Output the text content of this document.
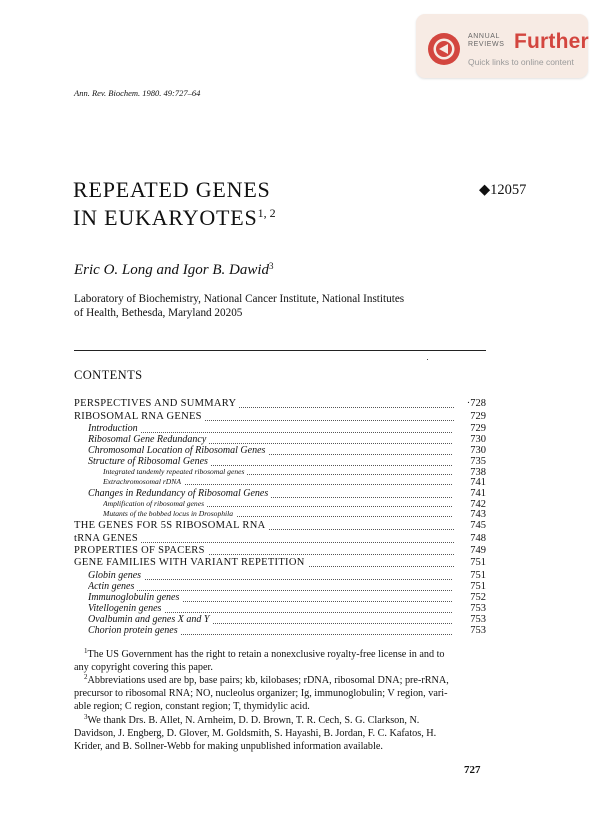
ANNUAL
REVIEWS Further
Quick links to online content
Ann. Rev. Biochem. 1980. 49:727–64
REPEATED GENES
IN EUKARYOTES$^{1, 2}$
◆12057
Eric O. Long and Igor B. Dawid$^3$
Laboratory of Biochemistry, National Cancer Institute, National Institutes
of Health, Bethesda, Maryland 20205
CONTENTS
PERSPECTIVES AND SUMMARY	·728
RIBOSOMAL RNA GENES	729
Introduction	729
Ribosomal Gene Redundancy	730
Chromosomal Location of Ribosomal Genes	730
Structure of Ribosomal Genes	735
Integrated tandemly repeated ribosomal genes	738
Extrachromosomal rDNA	741
Changes in Redundancy of Ribosomal Genes	741
Amplification of ribosomal genes	742
Mutants of the bobbed locus in Drosophila	743
THE GENES FOR 5S RIBOSOMAL RNA	745
tRNA GENES	748
PROPERTIES OF SPACERS	749
GENE FAMILIES WITH VARIANT REPETITION	751
Globin genes	751
Actin genes	751
Immunoglobulin genes	752
Vitellogenin genes	753
Ovalbumin and genes X and Y	753
Chorion protein genes	753
$^1$The US Government has the right to retain a nonexclusive royalty-free license in and to
any copyright covering this paper.
$^2$Abbreviations used are bp, base pairs; kb, kilobases; rDNA, ribosomal DNA; pre-rRNA,
precursor to ribosomal RNA; NO, nucleolus organizer; Ig, immunoglobulin; V region, vari-
able region; C region, constant region; T, thymidylic acid.
$^3$We thank Drs. B. Allet, N. Arnheim, D. D. Brown, T. R. Cech, S. G. Clarkson, N.
Davidson, J. Engberg, D. Glover, M. Goldsmith, S. Hayashi, B. Jordan, F. C. Kafatos, H.
Krider, and B. Sollner-Webb for making unpublished information available.
727
